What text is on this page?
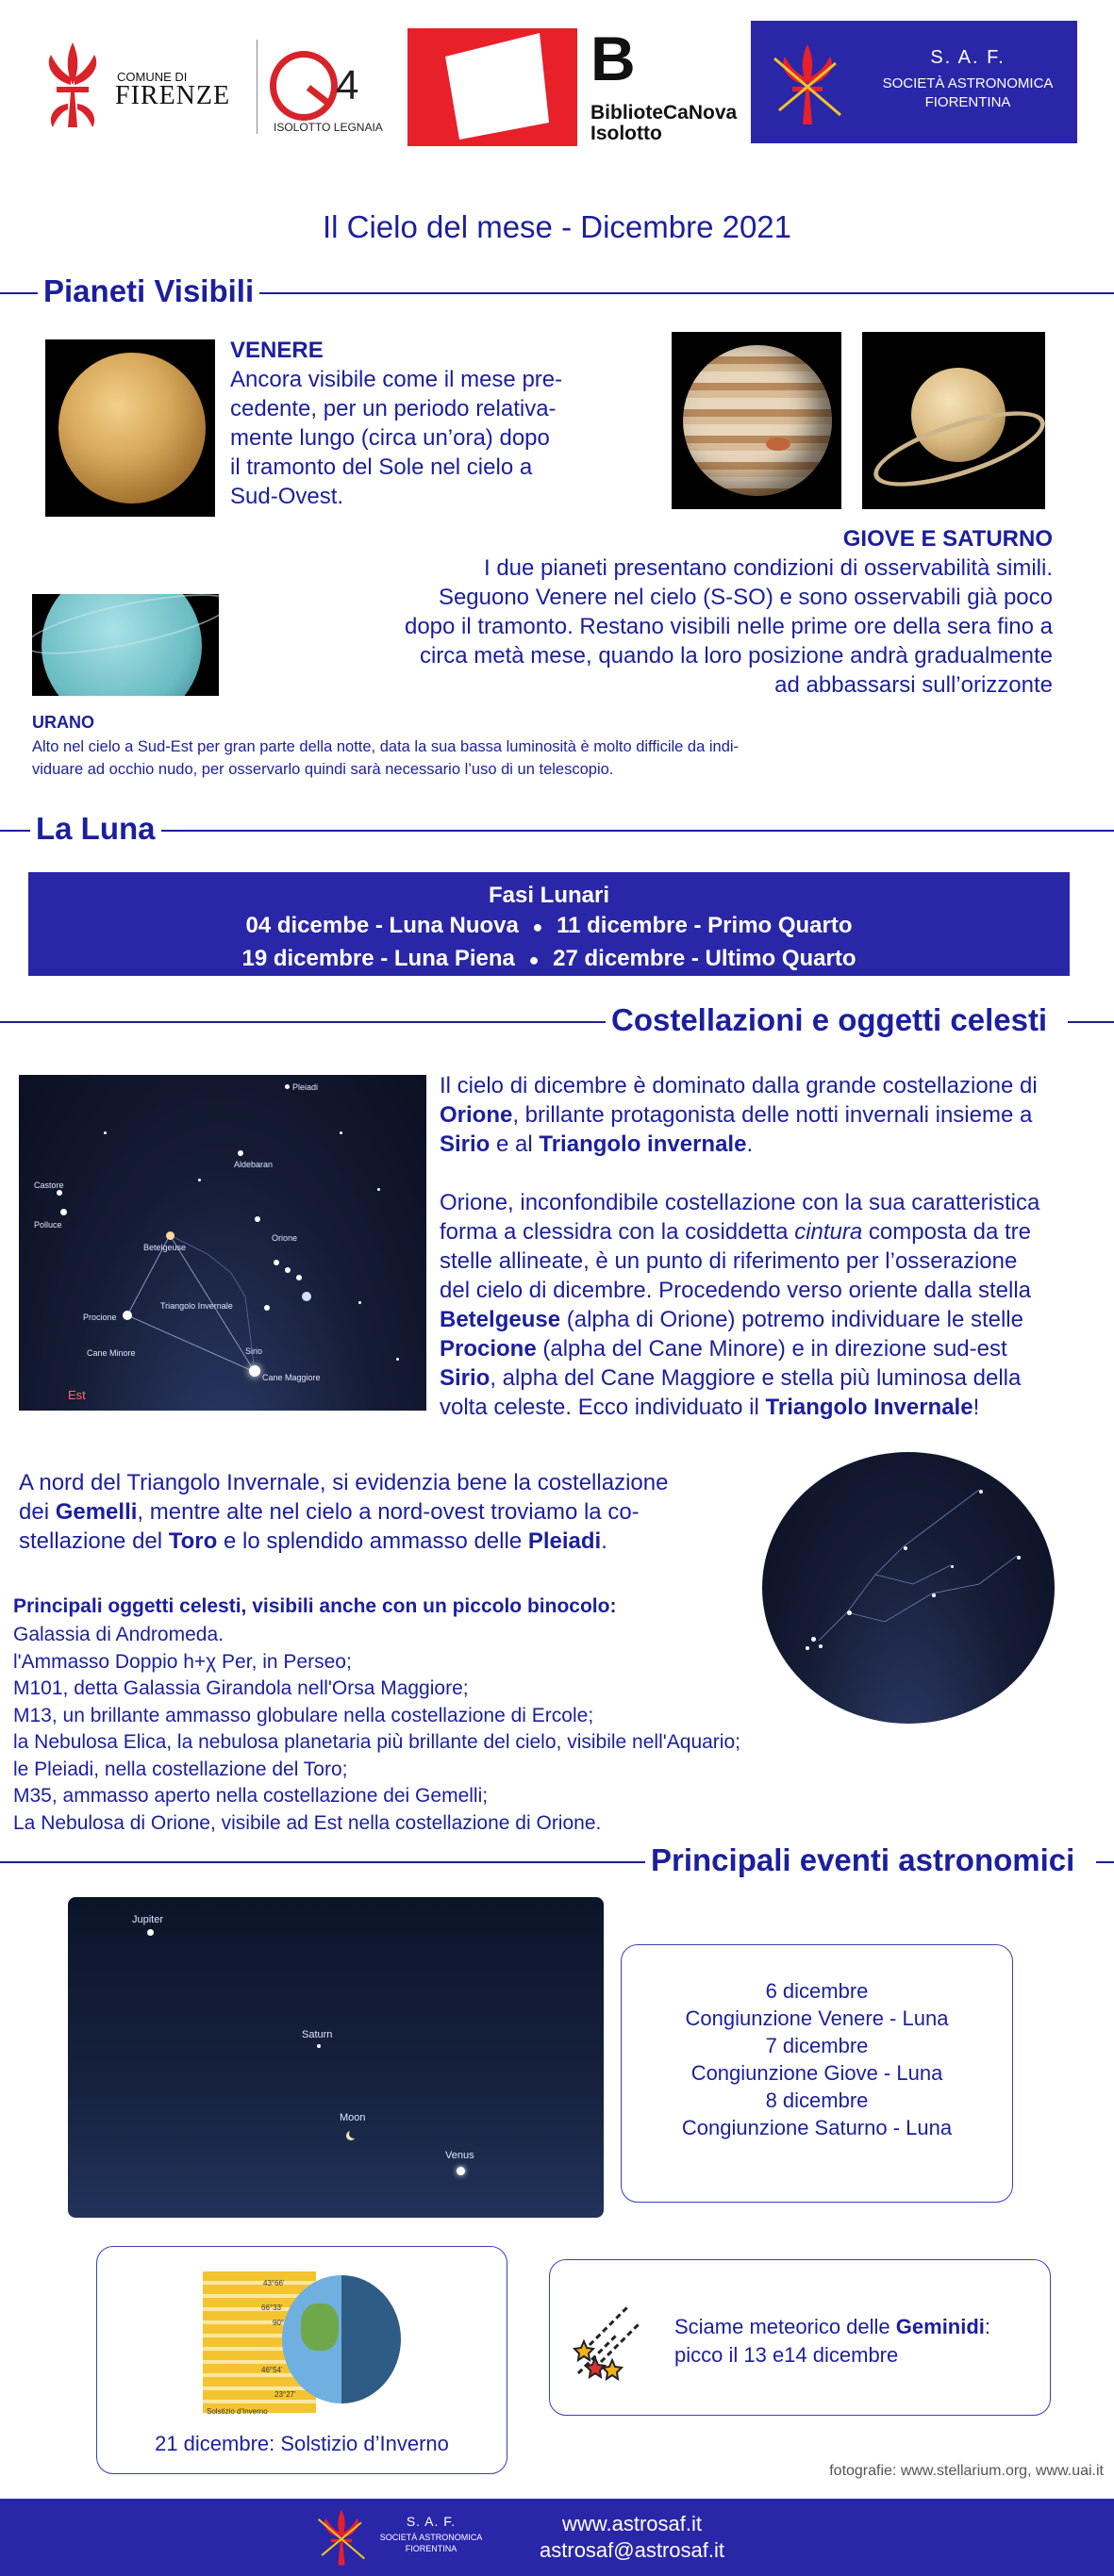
COMUNE DI
FIRENZE	4
ISOLOTTO LEGNAIA
B
BiblioteCaNova
Isolotto
S. A. F.
SOCIETÀ ASTRONOMICA
FIORENTINA
Il Cielo del mese - Dicembre 2021
Pianeti Visibili
VENERE
Ancora visibile come il mese pre-
cedente, per un periodo relativa-
mente lungo (circa un’ora) dopo
il tramonto del Sole nel cielo a
Sud-Ovest.
GIOVE E SATURNO
I due pianeti presentano condizioni di osservabilità simili.
Seguono Venere nel cielo (S-SO) e sono osservabili già poco
dopo il tramonto. Restano visibili nelle prime ore della sera fino a
circa metà mese, quando la loro posizione andrà gradualmente
ad abbassarsi sull’orizzonte
URANO
Alto nel cielo a Sud-Est per gran parte della notte, data la sua bassa luminosità è molto difficile da indi-
viduare ad occhio nudo, per osservarlo quindi sarà necessario l’uso di un telescopio.
La Luna
Fasi Lunari
04 dicembe - Luna Nuova ● 11 dicembre - Primo Quarto
19 dicembre - Luna Piena ● 27 dicembre - Ultimo Quarto
Costellazioni e oggetti celesti
Pleiadi
Aldebaran
Castore
Polluce
Betelgeuse
Orione
Triangolo Invernale
Procione
Cane Minore	Sirio
Cane Maggiore
Est
Il cielo di dicembre è dominato dalla grande costellazione di
Orione, brillante protagonista delle notti invernali insieme a
Sirio e al Triangolo invernale.
Orione, inconfondibile costellazione con la sua caratteristica
forma a clessidra con la cosiddetta cintura composta da tre
stelle allineate, è un punto di riferimento per l’osserazione
del cielo di dicembre. Procedendo verso oriente dalla stella
Betelgeuse (alpha di Orione) potremo individuare le stelle
Procione (alpha del Cane Minore) e in direzione sud-est
Sirio, alpha del Cane Maggiore e stella più luminosa della
volta celeste. Ecco individuato il Triangolo Invernale!
A nord del Triangolo Invernale, si evidenzia bene la costellazione
dei Gemelli, mentre alte nel cielo a nord-ovest troviamo la co-
stellazione del Toro e lo splendido ammasso delle Pleiadi.
Principali oggetti celesti, visibili anche con un piccolo binocolo:
Galassia di Andromeda.
l'Ammasso Doppio h+χ Per, in Perseo;
M101, detta Galassia Girandola nell'Orsa Maggiore;
M13, un brillante ammasso globulare nella costellazione di Ercole;
la Nebulosa Elica, la nebulosa planetaria più brillante del cielo, visibile nell'Aquario;
le Pleiadi, nella costellazione del Toro;
M35, ammasso aperto nella costellazione dei Gemelli;
La Nebulosa di Orione, visibile ad Est nella costellazione di Orione.
Principali eventi astronomici
Jupiter
Saturn
Moon
Venus
6 dicembre
Congiunzione Venere - Luna
7 dicembre
Congiunzione Giove - Luna
8 dicembre
Congiunzione Saturno - Luna
43°66'
66°33'
90°
46°54'
23°27'
Solstizio d'Inverno
21 dicembre: Solstizio d’Inverno
Sciame meteorico delle Geminidi:
picco il 13 e14 dicembre
fotografie: www.stellarium.org, www.uai.it
S. A. F.
SOCIETÀ ASTRONOMICA
FIORENTINA
www.astrosaf.it
astrosaf@astrosaf.it
